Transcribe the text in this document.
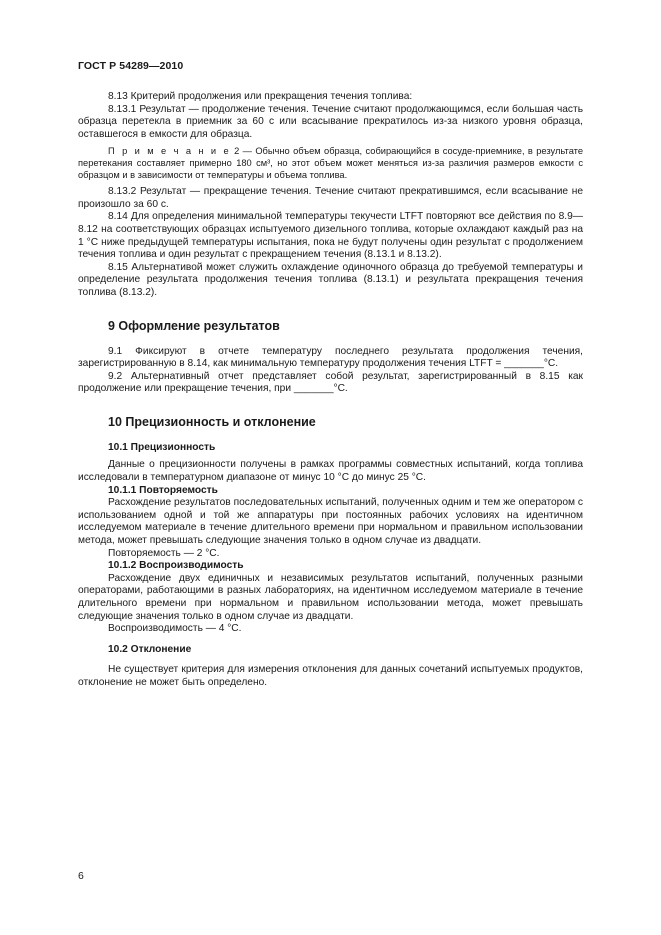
ГОСТ Р 54289—2010

8.13 Критерий продолжения или прекращения течения топлива:

8.13.1 Результат — продолжение течения. Течение считают продолжающимся, если большая часть образца перетекла в приемник за 60 с или всасывание прекратилось из-за низкого уровня образца, оставшегося в емкости для образца.

П р и м е ч а н и е 2 — Обычно объем образца, собирающийся в сосуде-приемнике, в результате перетекания составляет примерно 180 см³, но этот объем может меняться из-за различия размеров емкости с образцом и в зависимости от температуры и объема топлива.

8.13.2 Результат — прекращение течения. Течение считают прекратившимся, если всасывание не произошло за 60 с.

8.14 Для определения минимальной температуры текучести LTFT повторяют все действия по 8.9—8.12 на соответствующих образцах испытуемого дизельного топлива, которые охлаждают каждый раз на 1 °С ниже предыдущей температуры испытания, пока не будут получены один результат с продолжением течения топлива и один результат с прекращением течения (8.13.1 и 8.13.2).

8.15 Альтернативой может служить охлаждение одиночного образца до требуемой температуры и определение результата продолжения течения топлива (8.13.1) и результата прекращения течения топлива (8.13.2).

9 Оформление результатов

9.1 Фиксируют в отчете температуру последнего результата продолжения течения, зарегистрированную в 8.14, как минимальную температуру продолжения течения LTFT = _______°C.

9.2 Альтернативный отчет представляет собой результат, зарегистрированный в 8.15 как продолжение или прекращение течения, при _______°C.

10 Прецизионность и отклонение
10.1 Прецизионность

Данные о прецизионности получены в рамках программы совместных испытаний, когда топлива исследовали в температурном диапазоне от минус 10 °С до минус 25 °С.

10.1.1 Повторяемость

Расхождение результатов последовательных испытаний, полученных одним и тем же оператором с использованием одной и той же аппаратуры при постоянных рабочих условиях на идентичном исследуемом материале в течение длительного времени при нормальном и правильном использовании метода, может превышать следующие значения только в одном случае из двадцати.

Повторяемость — 2 °С.

10.1.2 Воспроизводимость

Расхождение двух единичных и независимых результатов испытаний, полученных разными операторами, работающими в разных лабораториях, на идентичном исследуемом материале в течение длительного времени при нормальном и правильном использовании метода, может превышать следующие значения только в одном случае из двадцати.

Воспроизводимость — 4 °С.

10.2 Отклонение

Не существует критерия для измерения отклонения для данных сочетаний испытуемых продуктов, отклонение не может быть определено.

6
